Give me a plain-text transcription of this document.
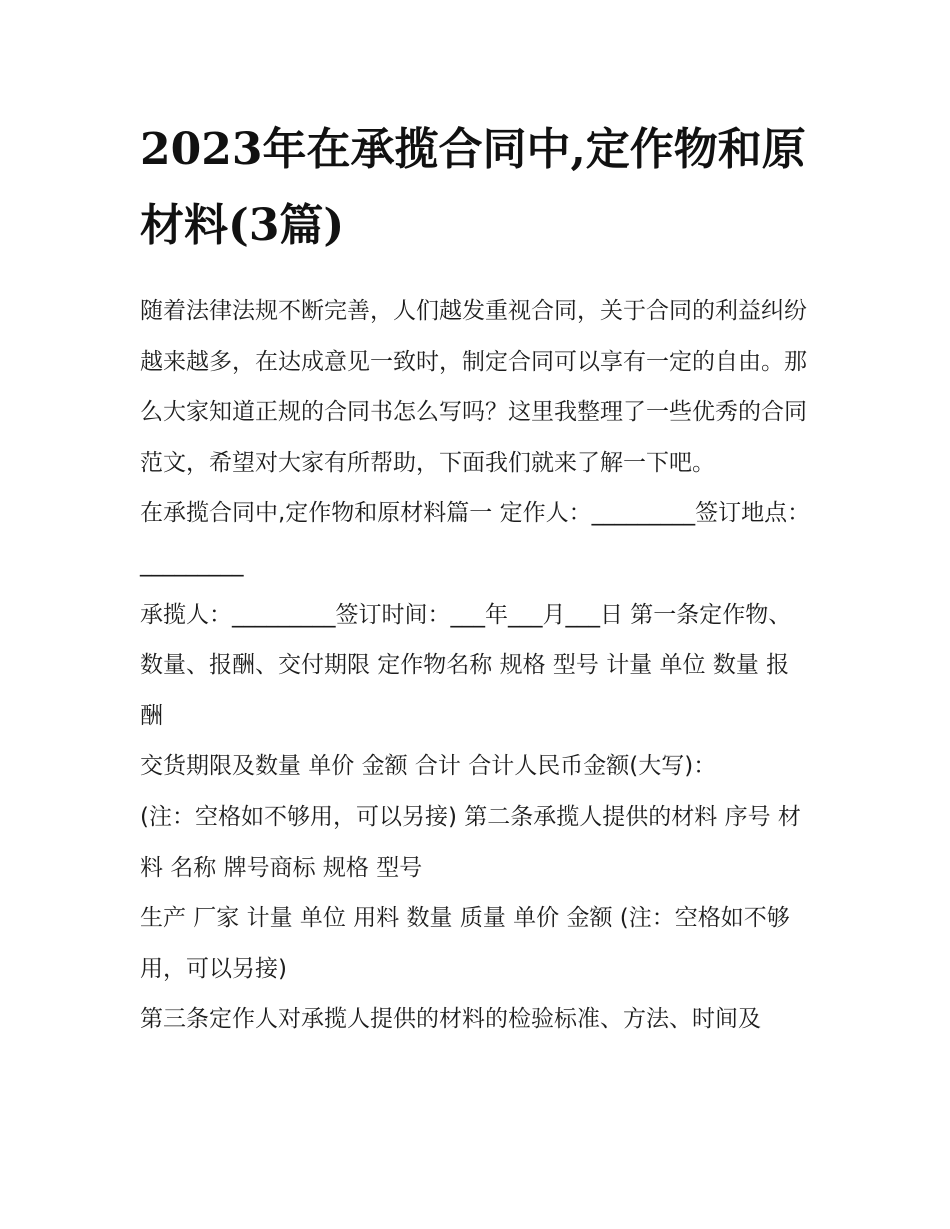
2023年在承揽合同中,定作物和原材料(3篇)

随着法律法规不断完善，人们越发重视合同，关于合同的利益纠纷越来越多，在达成意见一致时，制定合同可以享有一定的自由。那么大家知道正规的合同书怎么写吗？这里我整理了一些优秀的合同范文，希望对大家有所帮助，下面我们就来了解一下吧。

在承揽合同中,定作物和原材料篇一 定作人：_________签订地点：_________

承揽人：_________签订时间：___年___月___日 第一条定作物、数量、报酬、交付期限 定作物名称 规格 型号 计量 单位 数量 报酬

交货期限及数量 单价 金额 合计 合计人民币金额(大写)：

(注：空格如不够用，可以另接) 第二条承揽人提供的材料 序号 材料 名称 牌号商标 规格 型号

生产 厂家 计量 单位 用料 数量 质量 单价 金额 (注：空格如不够用，可以另接)

第三条定作人对承揽人提供的材料的检验标准、方法、时间及
